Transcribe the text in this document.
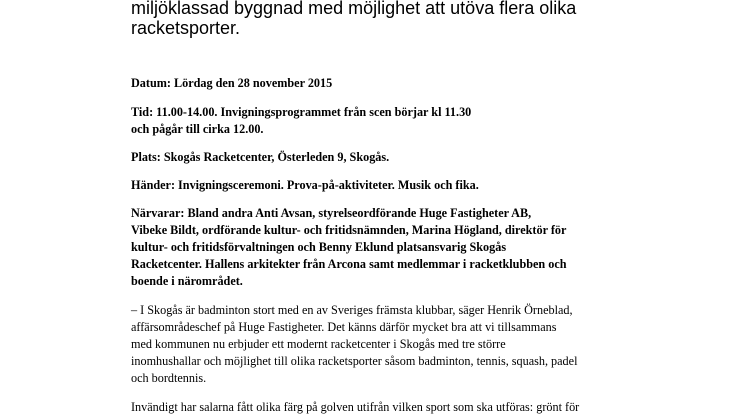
miljöklassad byggnad med möjlighet att utöva flera olika
racketsporter.

Datum: Lördag den 28 november 2015

Tid: 11.00-14.00. Invigningsprogrammet från scen börjar kl 11.30
och pågår till cirka 12.00.

Plats: Skogås Racketcenter, Österleden 9, Skogås.

Händer: Invigningsceremoni. Prova-på-aktiviteter. Musik och fika.

Närvarar: Bland andra Anti Avsan, styrelseordförande Huge Fastigheter AB,
Vibeke Bildt, ordförande kultur- och fritidsnämnden, Marina Högland, direktör för
kultur- och fritidsförvaltningen och Benny Eklund platsansvarig Skogås
Racketcenter. Hallens arkitekter från Arcona samt medlemmar i racketklubben och
boende i närområdet.

– I Skogås är badminton stort med en av Sveriges främsta klubbar, säger Henrik Örneblad,
affärsområdeschef på Huge Fastigheter. Det känns därför mycket bra att vi tillsammans
med kommunen nu erbjuder ett modernt racketcenter i Skogås med tre större
inomhushallar och möjlighet till olika racketsporter såsom badminton, tennis, squash, padel
och bordtennis.

Invändigt har salarna fått olika färg på golven utifrån vilken sport som ska utföras: grönt för
